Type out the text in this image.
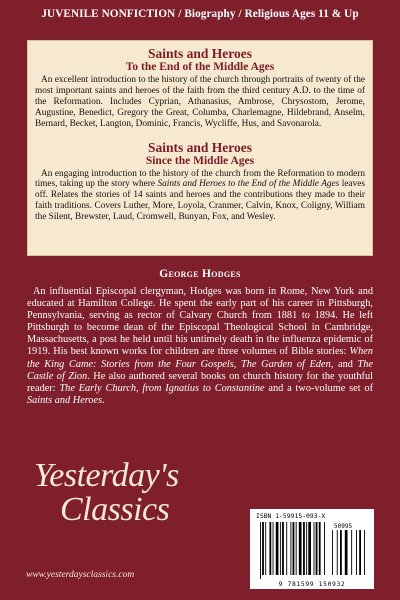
JUVENILE NONFICTION / Biography / Religious Ages 11 & Up
Saints and Heroes
To the End of the Middle Ages

An excellent introduction to the history of the church through portraits of twenty of the most important saints and heroes of the faith from the third century A.D. to the time of the Reformation. Includes Cyprian, Athanasius, Ambrose, Chrysostom, Jerome, Augustine, Benedict, Gregory the Great, Columba, Charlemagne, Hildebrand, Anselm, Bernard, Becket, Langton, Dominic, Francis, Wycliffe, Hus, and Savonarola.

Saints and Heroes
Since the Middle Ages

An engaging introduction to the history of the church from the Reformation to modern times, taking up the story where Saints and Heroes to the End of the Middle Ages leaves off. Relates the stories of 14 saints and heroes and the contributions they made to their faith traditions. Covers Luther, More, Loyola, Cranmer, Calvin, Knox, Coligny, William the Silent, Brewster, Laud, Cromwell, Bunyan, Fox, and Wesley.

George Hodges

An influential Episcopal clergyman, Hodges was born in Rome, New York and educated at Hamilton College. He spent the early part of his career in Pittsburgh, Pennsylvania, serving as rector of Calvary Church from 1881 to 1894. He left Pittsburgh to become dean of the Episcopal Theological School in Cambridge, Massachusetts, a post he held until his untimely death in the influenza epidemic of 1919. His best known works for children are three volumes of Bible stories: When the King Came: Stories from the Four Gospels, The Garden of Eden, and The Castle of Zion. He also authored several books on church history for the youthful reader: The Early Church, from Ignatius to Constantine and a two-volume set of Saints and Heroes.

Yesterday's
Classics
www.yesterdaysclassics.com
ISBN 1-59915-093-X
50995
9 781599 150932
